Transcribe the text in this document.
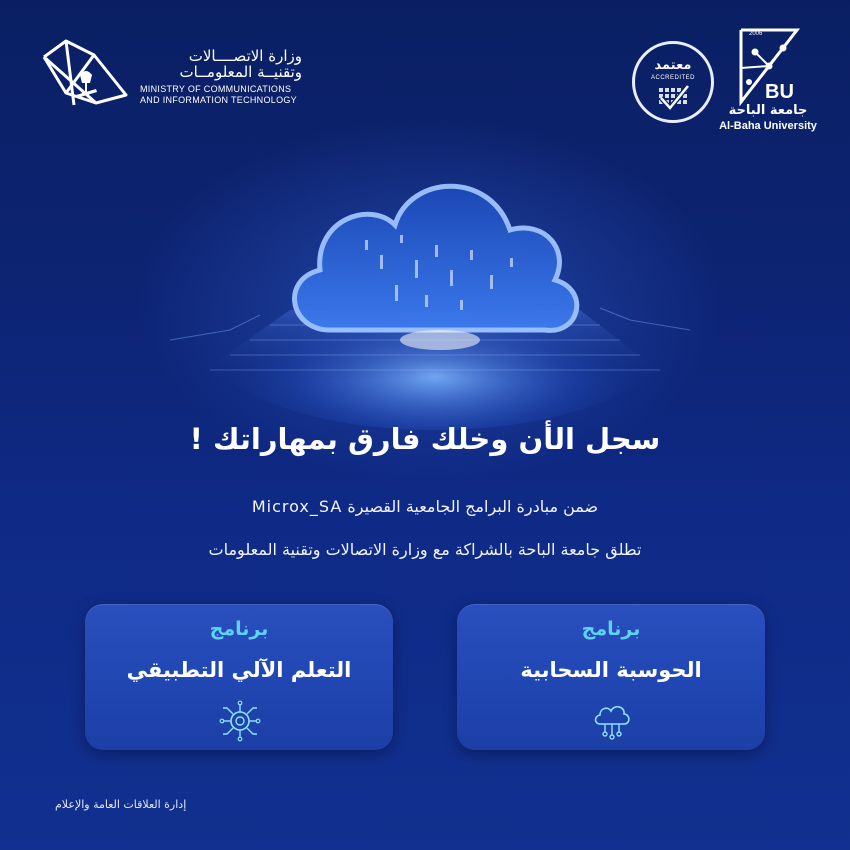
وزارة الاتصــــالات
وتقنيــة المعلومــات
MINISTRY OF COMMUNICATIONS
AND INFORMATION TECHNOLOGY
معتمد
ACCREDITED
2006
BU
جامعة الباحة
Al-Baha University
سجل الأن وخلك فارق بمهاراتك !
ضمن مبادرة البرامج الجامعية القصيرة Microx_SA
تطلق جامعة الباحة بالشراكة مع وزارة الاتصالات وتقنية المعلومات
برنامج
الحوسبة السحابية
برنامج
التعلم الآلي التطبيقي
إدارة العلاقات العامة والإعلام
